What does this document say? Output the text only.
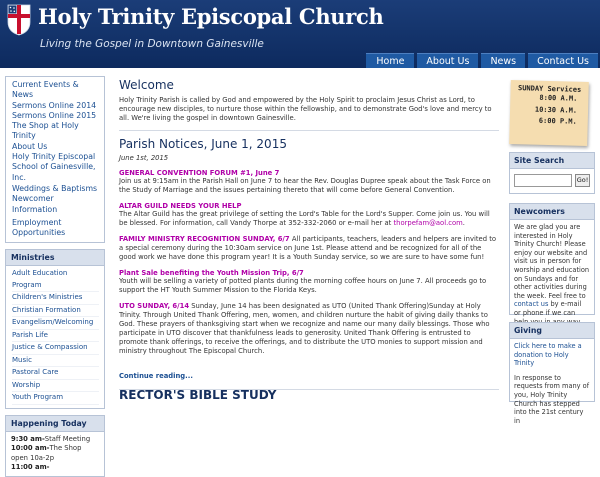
Holy Trinity Episcopal Church
Living the Gospel in Downtown Gainesville
Home	About Us	News	Contact Us
Current Events & News
Sermons Online 2014
Sermons Online 2015
The Shop at Holy Trinity
About Us
Holy Trinity Episcopal School of Gainesville, Inc.
Weddings & Baptisms
Newcomer Information
Employment Opportunities
Ministries
Adult Education Program
Children's Ministries
Christian Formation
Evangelism/Welcoming
Parish Life
Justice & Compassion
Music
Pastoral Care
Worship
Youth Program
Happening Today
9:30 am-Staff Meeting
10:00 am-The Shop open 10a-2p
11:00 am-
Welcome

Holy Trinity Parish is called by God and empowered by the Holy Spirit to proclaim Jesus Christ as Lord, to encourage new disciples, to nurture those within the fellowship, and to demonstrate God's love and mercy to all. We're living the gospel in downtown Gainesville.

Parish Notices, June 1, 2015
June 1st, 2015
GENERAL CONVENTION FORUM #1, June 7

Join us at 9:15am in the Parish Hall on June 7 to hear the Rev. Douglas Dupree speak about the Task Force on the Study of Marriage and the issues pertaining thereto that will come before General Convention.

ALTAR GUILD NEEDS YOUR HELP

The Altar Guild has the great privilege of setting the Lord's Table for the Lord's Supper. Come join us. You will be blessed. For information, call Vandy Thorpe at 352-332-2060 or e-mail her at thorpefam@aol.com.

FAMILY MINISTRY RECOGNITION SUNDAY, 6/7 All participants, teachers, leaders and helpers are invited to a special ceremony during the 10:30am service on June 1st. Please attend and be recognized for all of the good work we have done this program year! It is a Youth Sunday service, so we are sure to have some fun!

Plant Sale benefiting the Youth Mission Trip, 6/7

Youth will be selling a variety of potted plants during the morning coffee hours on June 7. All proceeds go to support the HT Youth Summer Mission to the Florida Keys.

UTO SUNDAY, 6/14 Sunday, June 14 has been designated as UTO (United Thank Offering)Sunday at Holy Trinity. Through United Thank Offering, men, women, and children nurture the habit of giving daily thanks to God. These prayers of thanksgiving start when we recognize and name our many daily blessings. Those who participate in UTO discover that thankfulness leads to generosity. United Thank Offering is entrusted to promote thank offerings, to receive the offerings, and to distribute the UTO monies to support mission and ministry throughout The Episcopal Church.

Continue reading...
RECTOR'S BIBLE STUDY
SUNDAY Services
8:00 A.M.
10:30 A.M.
6:00 P.M.
Site Search
Go!
Newcomers

We are glad you are interested in Holy Trinity Church! Please enjoy our website and visit us in person for worship and education on Sundays and for other activities during the week. Feel free to contact us by e-mail or phone if we can

Giving

Click here to make a donation to Holy Trinity

In response to requests from many of you, Holy Trinity Church has stepped into the 21st century in
